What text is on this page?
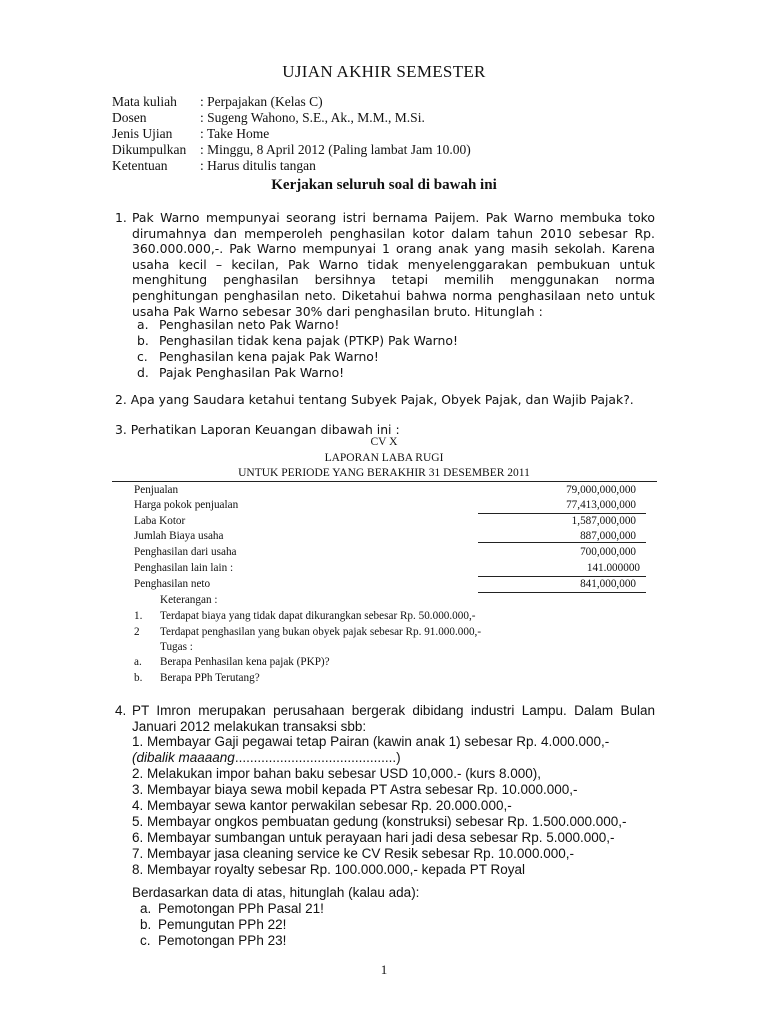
UJIAN AKHIR SEMESTER
Mata kuliah : Perpajakan (Kelas C)
Dosen	: Sugeng Wahono, S.E., Ak., M.M., M.Si.
Jenis Ujian : Take Home
Dikumpulkan : Minggu, 8 April 2012 (Paling lambat Jam 10.00)
Ketentuan : Harus ditulis tangan
Kerjakan seluruh soal di bawah ini
1. Pak Warno mempunyai seorang istri bernama Paijem. Pak Warno membuka toko dirumahnya dan memperoleh penghasilan kotor dalam tahun 2010 sebesar Rp. 360.000.000,-. Pak Warno mempunyai 1 orang anak yang masih sekolah. Karena usaha kecil – kecilan, Pak Warno tidak menyelenggarakan pembukuan untuk menghitung penghasilan bersihnya tetapi memilih menggunakan norma penghitungan penghasilan neto. Diketahui bahwa norma penghasilaan neto untuk usaha Pak Warno sebesar 30% dari penghasilan bruto. Hitunglah :
a. Penghasilan neto Pak Warno!
b. Penghasilan tidak kena pajak (PTKP) Pak Warno!
c. Penghasilan kena pajak Pak Warno!
d. Pajak Penghasilan Pak Warno!
2. Apa yang Saudara ketahui tentang Subyek Pajak, Obyek Pajak, dan Wajib Pajak?.
3. Perhatikan Laporan Keuangan dibawah ini :
CV X
LAPORAN LABA RUGI
UNTUK PERIODE YANG BERAKHIR 31 DESEMBER 2011
Penjualan	79,000,000,000
Harga pokok penjualan	77,413,000,000
Laba Kotor	1,587,000,000
Jumlah Biaya usaha	887,000,000
Penghasilan dari usaha	700,000,000
Penghasilan lain lain :	141.000000
Penghasilan neto	841,000,000
Keterangan :
1. Terdapat biaya yang tidak dapat dikurangkan sebesar Rp. 50.000.000,-
2 Terdapat penghasilan yang bukan obyek pajak sebesar Rp. 91.000.000,-
Tugas :
a. Berapa Penhasilan kena pajak (PKP)?
b. Berapa PPh Terutang?
4. PT Imron merupakan perusahaan bergerak dibidang industri Lampu. Dalam Bulan Januari 2012 melakukan transaksi sbb:
1. Membayar Gaji pegawai tetap Pairan (kawin anak 1) sebesar Rp. 4.000.000,-
(dibalik maaaang...........................................)
2. Melakukan impor bahan baku sebesar USD 10,000.- (kurs 8.000),
3. Membayar biaya sewa mobil kepada PT Astra sebesar Rp. 10.000.000,-
4. Membayar sewa kantor perwakilan sebesar Rp. 20.000.000,-
5. Membayar ongkos pembuatan gedung (konstruksi) sebesar Rp. 1.500.000.000,-
6. Membayar sumbangan untuk perayaan hari jadi desa sebesar Rp. 5.000.000,-
7. Membayar jasa cleaning service ke CV Resik sebesar Rp. 10.000.000,-
8. Membayar royalty sebesar Rp. 100.000.000,- kepada PT Royal
Berdasarkan data di atas, hitunglah (kalau ada):
a. Pemotongan PPh Pasal 21!
b. Pemungutan PPh 22!
c. Pemotongan PPh 23!
1
